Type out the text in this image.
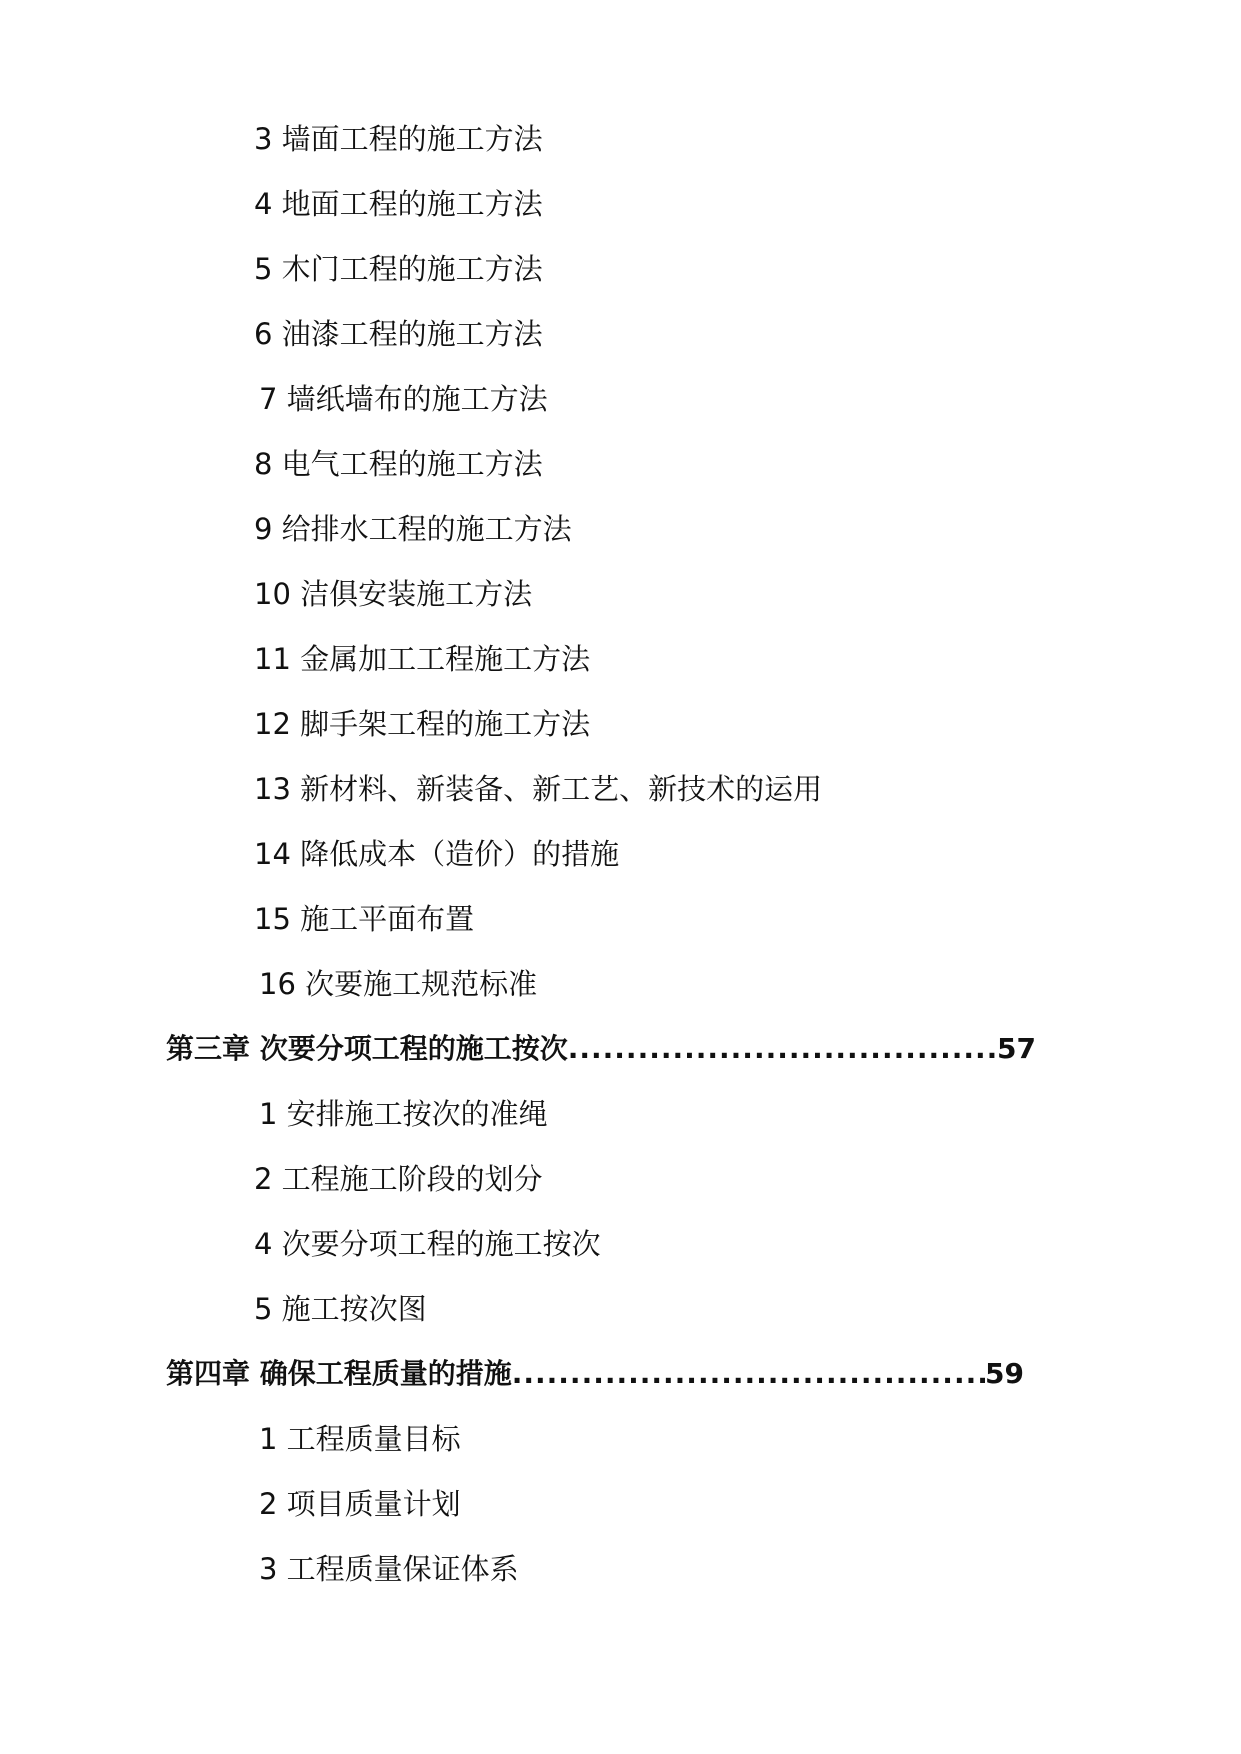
3 墙面工程的施工方法
4 地面工程的施工方法
5 木门工程的施工方法
6 油漆工程的施工方法
7 墙纸墙布的施工方法
8 电气工程的施工方法
9 给排水工程的施工方法
10 洁俱安装施工方法
11 金属加工工程施工方法
12 脚手架工程的施工方法
13 新材料、新装备、新工艺、新技术的运用
14 降低成本（造价）的措施
15 施工平面布置
16 次要施工规范标准
第三章 次要分项工程的施工按次 .....	57
1 安排施工按次的准绳
2 工程施工阶段的划分
4 次要分项工程的施工按次
5 施工按次图
第四章 确保工程质量的措施 .....	59
1 工程质量目标
2 项目质量计划
3 工程质量保证体系
